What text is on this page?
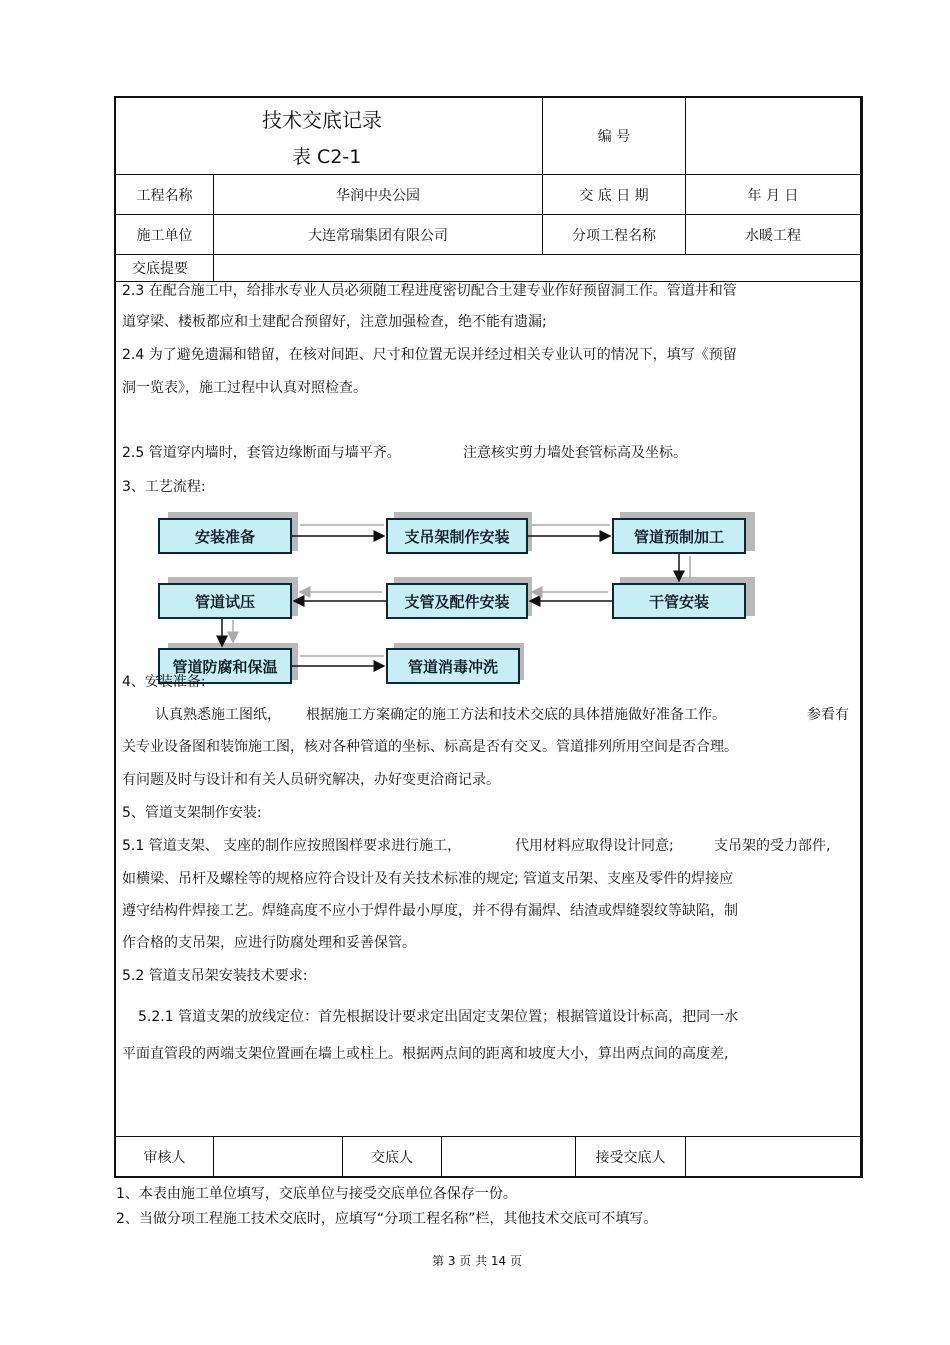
技术交底记录
表 C2-1
编 号
工程名称	华润中央公园	交 底 日 期	年 月 日
施工单位	大连常瑞集团有限公司	分项工程名称	水暖工程
交底提要
2.3 在配合施工中，给排水专业人员必须随工程进度密切配合土建专业作好预留洞工作。管道井和管
道穿梁、楼板都应和土建配合预留好，注意加强检查，绝不能有遗漏;
2.4 为了避免遗漏和错留，在核对间距、尺寸和位置无误并经过相关专业认可的情况下，填写《预留
洞一览表》，施工过程中认真对照检查。
2.5 管道穿内墙时，套管边缘断面与墙平齐。	注意核实剪力墙处套管标高及坐标。
3、工艺流程:
安装准备	支吊架制作安装	管道预制加工
干管安装
支管及配件安装
管道试压
管道防腐和保温	管道消毒冲洗
4、安装准备:
认真熟悉施工图纸， 根据施工方案确定的施工方法和技术交底的具体措施做好准备工作。	参看有
关专业设备图和装饰施工图，核对各种管道的坐标、标高是否有交叉。管道排列所用空间是否合理。
有问题及时与设计和有关人员研究解决，办好变更洽商记录。
5、管道支架制作安装:
5.1 管道支架、 支座的制作应按照图样要求进行施工，	代用材料应取得设计同意;	支吊架的受力部件,
如横梁、吊杆及螺栓等的规格应符合设计及有关技术标准的规定; 管道支吊架、支座及零件的焊接应
遵守结构件焊接工艺。焊缝高度不应小于焊件最小厚度，并不得有漏焊、结渣或焊缝裂纹等缺陷，制
作合格的支吊架，应进行防腐处理和妥善保管。
5.2 管道支吊架安装技术要求:
5.2.1 管道支架的放线定位：首先根据设计要求定出固定支架位置；根据管道设计标高，把同一水
平面直管段的两端支架位置画在墙上或柱上。根据两点间的距离和坡度大小，算出两点间的高度差,
审核人	交底人	接受交底人
1、本表由施工单位填写，交底单位与接受交底单位各保存一份。
2、当做分项工程施工技术交底时，应填写“分项工程名称”栏，其他技术交底可不填写。
第 3 页 共 14 页
